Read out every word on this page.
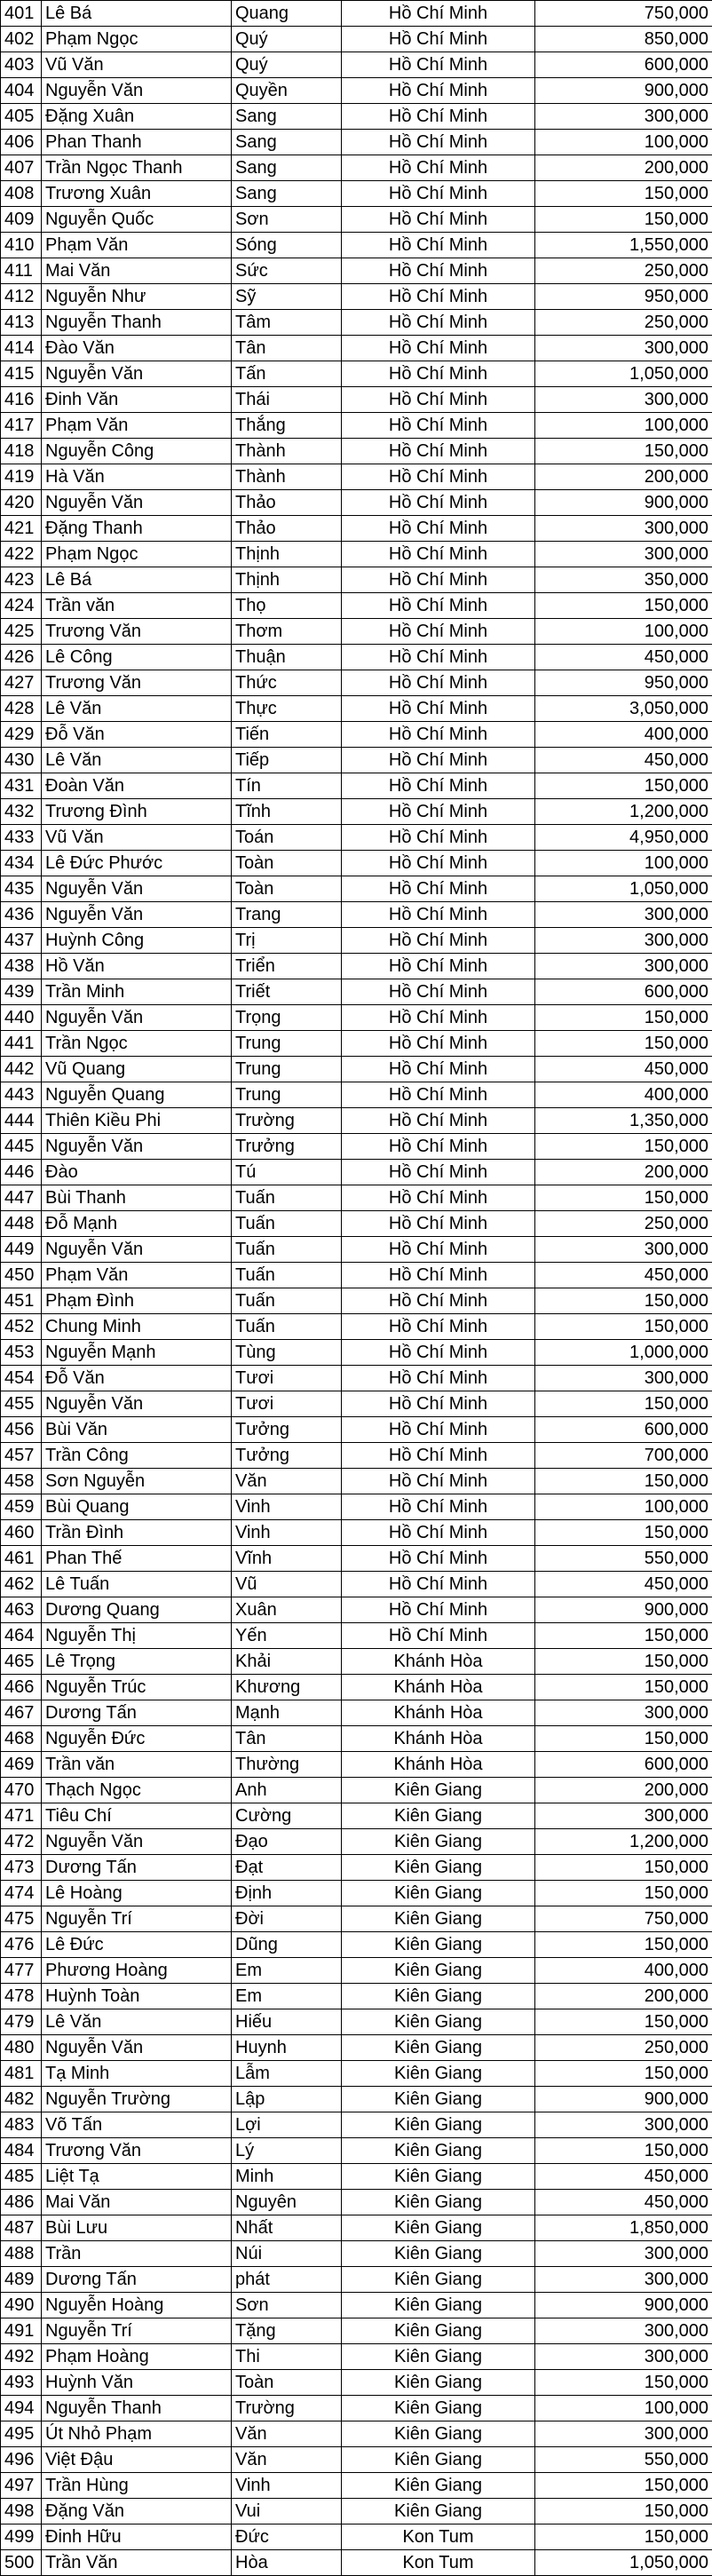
401	Lê Bá	Quang	Hồ Chí Minh	750,000
402	Phạm Ngọc	Quý	Hồ Chí Minh	850,000
403	Vũ Văn	Quý	Hồ Chí Minh	600,000
404	Nguyễn Văn	Quyền	Hồ Chí Minh	900,000
405	Đặng Xuân	Sang	Hồ Chí Minh	300,000
406	Phan Thanh	Sang	Hồ Chí Minh	100,000
407	Trần Ngọc Thanh	Sang	Hồ Chí Minh	200,000
408	Trương Xuân	Sang	Hồ Chí Minh	150,000
409	Nguyễn Quốc	Sơn	Hồ Chí Minh	150,000
410	Phạm Văn	Sóng	Hồ Chí Minh	1,550,000
411	Mai Văn	Sức	Hồ Chí Minh	250,000
412	Nguyễn Như	Sỹ	Hồ Chí Minh	950,000
413	Nguyễn Thanh	Tâm	Hồ Chí Minh	250,000
414	Đào Văn	Tân	Hồ Chí Minh	300,000
415	Nguyễn Văn	Tấn	Hồ Chí Minh	1,050,000
416	Đinh Văn	Thái	Hồ Chí Minh	300,000
417	Phạm Văn	Thắng	Hồ Chí Minh	100,000
418	Nguyễn Công	Thành	Hồ Chí Minh	150,000
419	Hà Văn	Thành	Hồ Chí Minh	200,000
420	Nguyễn Văn	Thảo	Hồ Chí Minh	900,000
421	Đặng Thanh	Thảo	Hồ Chí Minh	300,000
422	Phạm Ngọc	Thịnh	Hồ Chí Minh	300,000
423	Lê Bá	Thịnh	Hồ Chí Minh	350,000
424	Trần văn	Thọ	Hồ Chí Minh	150,000
425	Trương Văn	Thơm	Hồ Chí Minh	100,000
426	Lê Công	Thuận	Hồ Chí Minh	450,000
427	Trương Văn	Thức	Hồ Chí Minh	950,000
428	Lê Văn	Thực	Hồ Chí Minh	3,050,000
429	Đỗ Văn	Tiến	Hồ Chí Minh	400,000
430	Lê Văn	Tiếp	Hồ Chí Minh	450,000
431	Đoàn Văn	Tín	Hồ Chí Minh	150,000
432	Trương Đình	Tĩnh	Hồ Chí Minh	1,200,000
433	Vũ Văn	Toán	Hồ Chí Minh	4,950,000
434	Lê Đức Phước	Toàn	Hồ Chí Minh	100,000
435	Nguyễn Văn	Toàn	Hồ Chí Minh	1,050,000
436	Nguyễn Văn	Trang	Hồ Chí Minh	300,000
437	Huỳnh Công	Trị	Hồ Chí Minh	300,000
438	Hồ Văn	Triển	Hồ Chí Minh	300,000
439	Trần Minh	Triết	Hồ Chí Minh	600,000
440	Nguyễn Văn	Trọng	Hồ Chí Minh	150,000
441	Trần Ngọc	Trung	Hồ Chí Minh	150,000
442	Vũ Quang	Trung	Hồ Chí Minh	450,000
443	Nguyễn Quang	Trung	Hồ Chí Minh	400,000
444	Thiên Kiều Phi	Trường	Hồ Chí Minh	1,350,000
445	Nguyễn Văn	Trưởng	Hồ Chí Minh	150,000
446	Đào	Tú	Hồ Chí Minh	200,000
447	Bùi Thanh	Tuấn	Hồ Chí Minh	150,000
448	Đỗ Mạnh	Tuấn	Hồ Chí Minh	250,000
449	Nguyễn Văn	Tuấn	Hồ Chí Minh	300,000
450	Phạm Văn	Tuấn	Hồ Chí Minh	450,000
451	Phạm Đình	Tuấn	Hồ Chí Minh	150,000
452	Chung Minh	Tuấn	Hồ Chí Minh	150,000
453	Nguyễn Mạnh	Tùng	Hồ Chí Minh	1,000,000
454	Đỗ Văn	Tươi	Hồ Chí Minh	300,000
455	Nguyễn Văn	Tươi	Hồ Chí Minh	150,000
456	Bùi Văn	Tưởng	Hồ Chí Minh	600,000
457	Trần Công	Tưởng	Hồ Chí Minh	700,000
458	Sơn Nguyễn	Văn	Hồ Chí Minh	150,000
459	Bùi Quang	Vinh	Hồ Chí Minh	100,000
460	Trần Đình	Vinh	Hồ Chí Minh	150,000
461	Phan Thế	Vĩnh	Hồ Chí Minh	550,000
462	Lê Tuấn	Vũ	Hồ Chí Minh	450,000
463	Dương Quang	Xuân	Hồ Chí Minh	900,000
464	Nguyễn Thị	Yến	Hồ Chí Minh	150,000
465	Lê Trọng	Khải	Khánh Hòa	150,000
466	Nguyễn Trúc	Khương	Khánh Hòa	150,000
467	Dương Tấn	Mạnh	Khánh Hòa	300,000
468	Nguyễn Đức	Tân	Khánh Hòa	150,000
469	Trần văn	Thường	Khánh Hòa	600,000
470	Thạch Ngọc	Anh	Kiên Giang	200,000
471	Tiêu Chí	Cường	Kiên Giang	300,000
472	Nguyễn Văn	Đạo	Kiên Giang	1,200,000
473	Dương Tấn	Đạt	Kiên Giang	150,000
474	Lê Hoàng	Định	Kiên Giang	150,000
475	Nguyễn Trí	Đời	Kiên Giang	750,000
476	Lê Đức	Dũng	Kiên Giang	150,000
477	Phương Hoàng	Em	Kiên Giang	400,000
478	Huỳnh Toàn	Em	Kiên Giang	200,000
479	Lê Văn	Hiếu	Kiên Giang	150,000
480	Nguyễn Văn	Huynh	Kiên Giang	250,000
481	Tạ Minh	Lẫm	Kiên Giang	150,000
482	Nguyễn Trường	Lập	Kiên Giang	900,000
483	Võ Tấn	Lợi	Kiên Giang	300,000
484	Trương Văn	Lý	Kiên Giang	150,000
485	Liệt Tạ	Minh	Kiên Giang	450,000
486	Mai Văn	Nguyên	Kiên Giang	450,000
487	Bùi Lưu	Nhất	Kiên Giang	1,850,000
488	Trần	Núi	Kiên Giang	300,000
489	Dương Tấn	phát	Kiên Giang	300,000
490	Nguyễn Hoàng	Sơn	Kiên Giang	900,000
491	Nguyễn Trí	Tặng	Kiên Giang	300,000
492	Phạm Hoàng	Thi	Kiên Giang	300,000
493	Huỳnh Văn	Toàn	Kiên Giang	150,000
494	Nguyễn Thanh	Trường	Kiên Giang	100,000
495	Út Nhỏ Phạm	Văn	Kiên Giang	300,000
496	Việt Đậu	Văn	Kiên Giang	550,000
497	Trần Hùng	Vinh	Kiên Giang	150,000
498	Đặng Văn	Vui	Kiên Giang	150,000
499	Đinh Hữu	Đức	Kon Tum	150,000
500	Trần Văn	Hòa	Kon Tum	1,050,000
